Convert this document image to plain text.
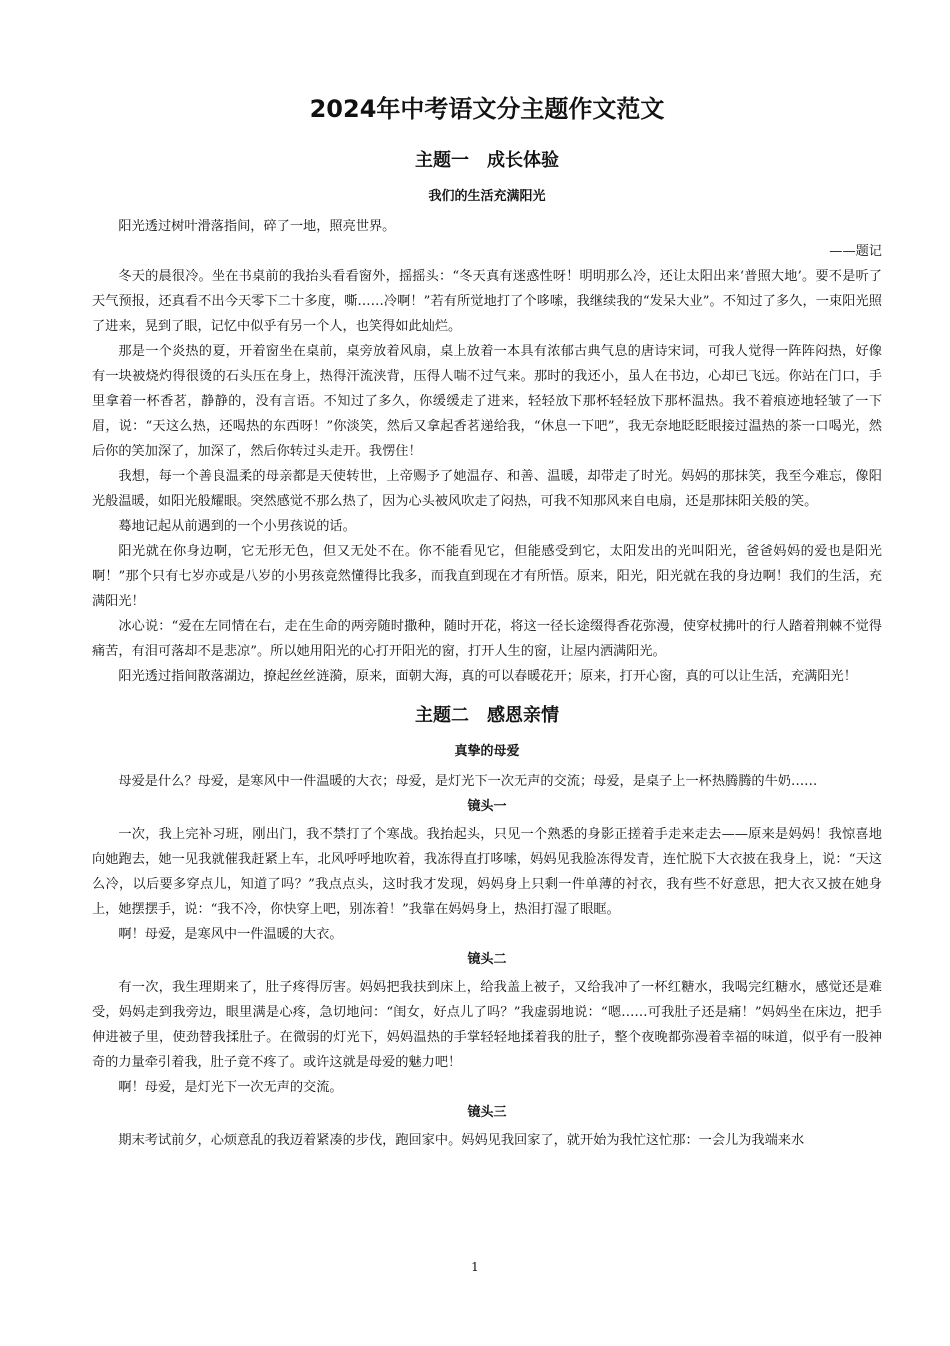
2024年中考语文分主题作文范文
主题一　成长体验
我们的生活充满阳光

阳光透过树叶滑落指间，碎了一地，照亮世界。

——题记

冬天的晨很冷。坐在书桌前的我抬头看看窗外，摇摇头：“冬天真有迷惑性呀！明明那么冷，还让太阳出来‘普照大地’。要不是听了天气预报，还真看不出今天零下二十多度，嘶……冷啊！”若有所觉地打了个哆嗦，我继续我的“发呆大业”。不知过了多久，一束阳光照了进来，晃到了眼，记忆中似乎有另一个人，也笑得如此灿烂。

那是一个炎热的夏，开着窗坐在桌前，桌旁放着风扇，桌上放着一本具有浓郁古典气息的唐诗宋词，可我人觉得一阵阵闷热，好像有一块被烧灼得很烫的石头压在身上，热得汗流浃背，压得人喘不过气来。那时的我还小，虽人在书边，心却已飞远。你站在门口，手里拿着一杯香茗，静静的，没有言语。不知过了多久，你缓缓走了进来，轻轻放下那杯轻轻放下那杯温热。我不着痕迹地轻皱了一下眉，说：“天这么热，还喝热的东西呀！”你淡笑，然后又拿起香茗递给我，“休息一下吧”，我无奈地眨眨眼接过温热的茶一口喝光，然后你的笑加深了，加深了，然后你转过头走开。我愣住！

我想，每一个善良温柔的母亲都是天使转世，上帝赐予了她温存、和善、温暖，却带走了时光。妈妈的那抹笑，我至今难忘，像阳光般温暖，如阳光般耀眼。突然感觉不那么热了，因为心头被风吹走了闷热，可我不知那风来自电扇，还是那抹阳关般的笑。

蓦地记起从前遇到的一个小男孩说的话。

阳光就在你身边啊，它无形无色，但又无处不在。你不能看见它，但能感受到它，太阳发出的光叫阳光，爸爸妈妈的爱也是阳光啊！”那个只有七岁亦或是八岁的小男孩竟然懂得比我多，而我直到现在才有所悟。原来，阳光，阳光就在我的身边啊！我们的生活，充满阳光！

冰心说：“爱在左同情在右，走在生命的两旁随时撒种，随时开花，将这一径长途缀得香花弥漫，使穿杖拂叶的行人踏着荆棘不觉得痛苦，有泪可落却不是悲凉”。所以她用阳光的心打开阳光的窗，打开人生的窗，让屋内洒满阳光。

阳光透过指间散落湖边，撩起丝丝涟漪，原来，面朝大海，真的可以春暖花开；原来，打开心窗，真的可以让生活，充满阳光！

主题二　感恩亲情
真挚的母爱

母爱是什么？母爱，是寒风中一件温暖的大衣；母爱，是灯光下一次无声的交流；母爱，是桌子上一杯热腾腾的牛奶……

镜头一

一次，我上完补习班，刚出门，我不禁打了个寒战。我抬起头，只见一个熟悉的身影正搓着手走来走去——原来是妈妈！我惊喜地向她跑去，她一见我就催我赶紧上车，北风呼呼地吹着，我冻得直打哆嗦，妈妈见我脸冻得发青，连忙脱下大衣披在我身上，说：“天这么冷，以后要多穿点儿，知道了吗？”我点点头，这时我才发现，妈妈身上只剩一件单薄的衬衣，我有些不好意思，把大衣又披在她身上，她摆摆手，说：“我不冷，你快穿上吧，别冻着！”我靠在妈妈身上，热泪打湿了眼眶。

啊！母爱，是寒风中一件温暖的大衣。

镜头二

有一次，我生理期来了，肚子疼得厉害。妈妈把我扶到床上，给我盖上被子，又给我冲了一杯红糖水，我喝完红糖水，感觉还是难受，妈妈走到我旁边，眼里满是心疼，急切地问：“闺女，好点儿了吗？”我虚弱地说：“嗯……可我肚子还是痛！”妈妈坐在床边，把手伸进被子里，使劲替我揉肚子。在微弱的灯光下，妈妈温热的手掌轻轻地揉着我的肚子，整个夜晚都弥漫着幸福的味道，似乎有一股神奇的力量牵引着我，肚子竟不疼了。或许这就是母爱的魅力吧！

啊！母爱，是灯光下一次无声的交流。

镜头三

期末考试前夕，心烦意乱的我迈着紧凑的步伐，跑回家中。妈妈见我回家了，就开始为我忙这忙那：一会儿为我端来水

1
